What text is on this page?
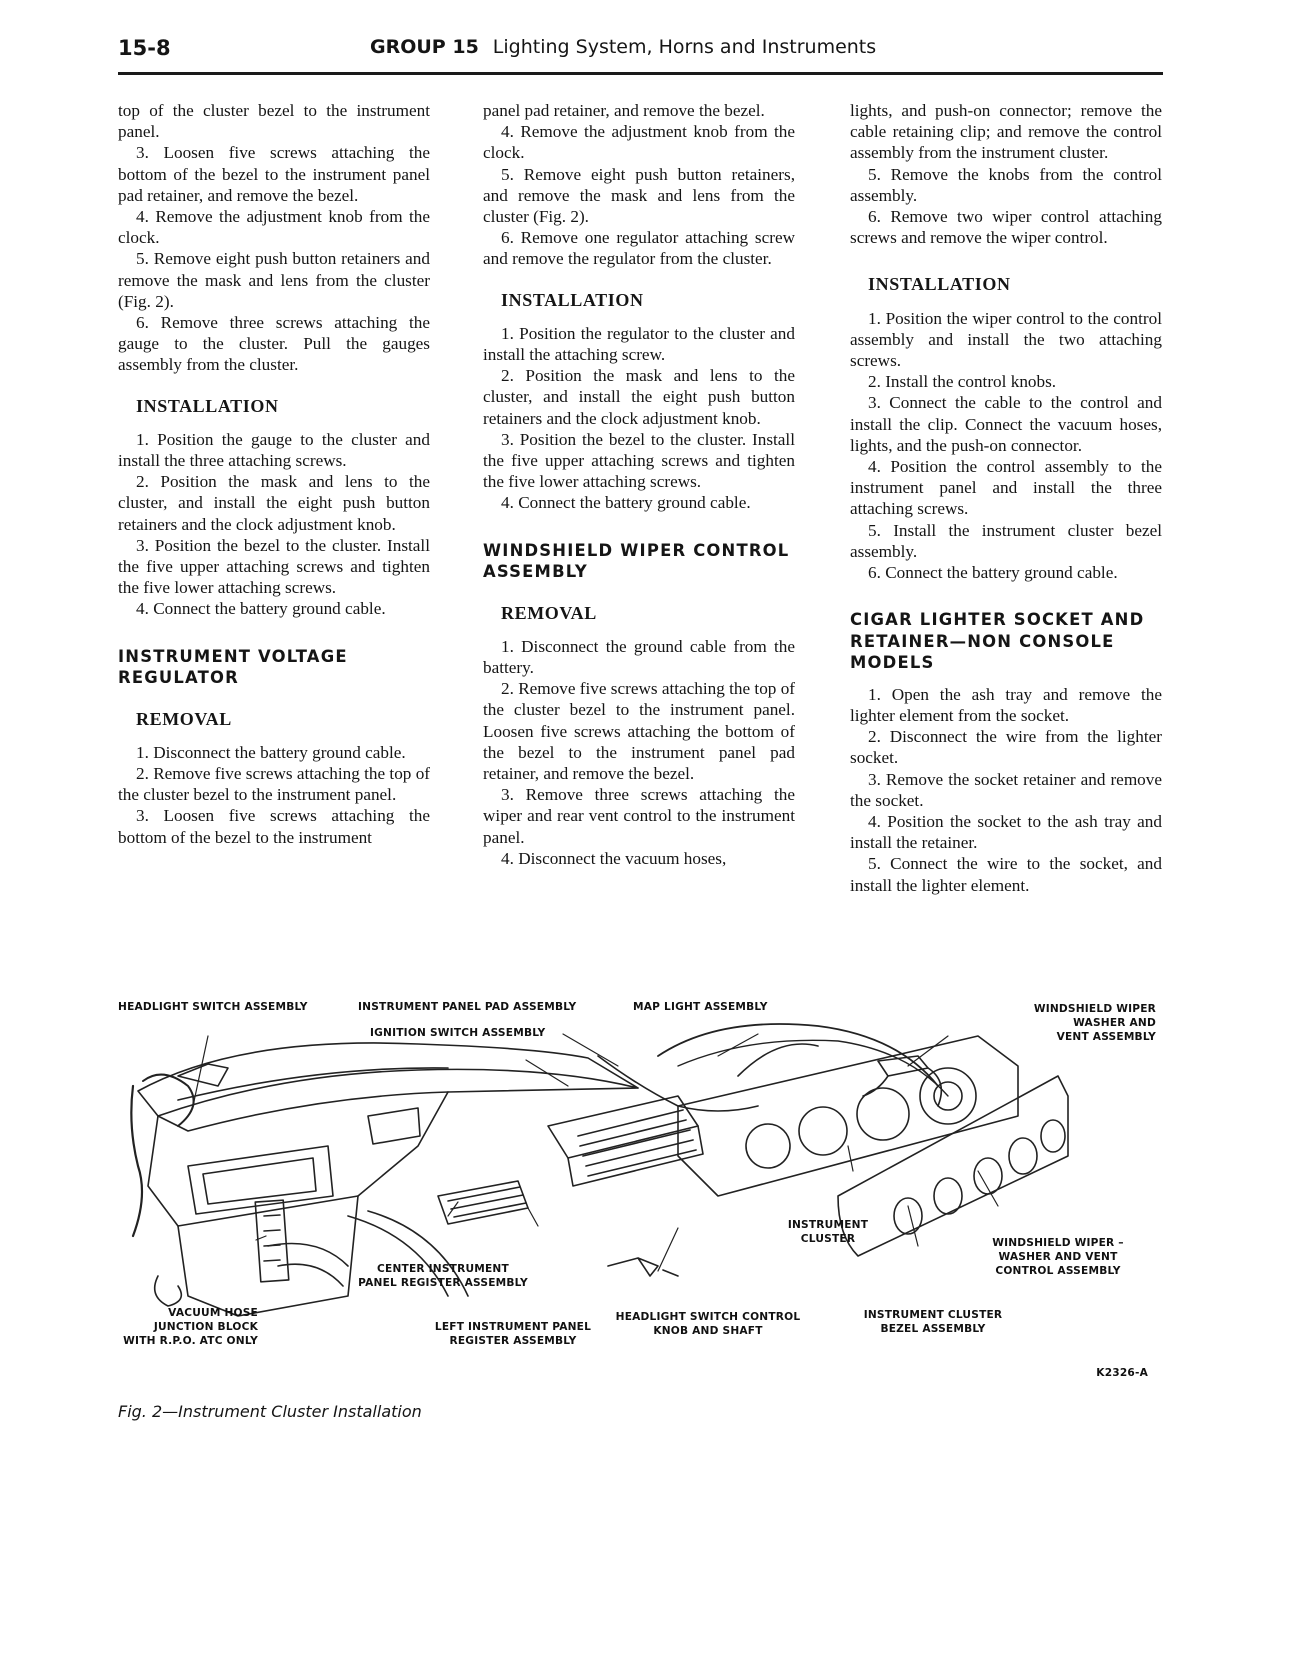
15-8	GROUP 15 Lighting System, Horns and Instruments

top of the cluster bezel to the instrument panel.

3. Loosen five screws attaching the bottom of the bezel to the instrument panel pad retainer, and remove the bezel.

4. Remove the adjustment knob from the clock.

5. Remove eight push button retainers and remove the mask and lens from the cluster (Fig. 2).

6. Remove three screws attaching the gauge to the cluster. Pull the gauges assembly from the cluster.

INSTALLATION

1. Position the gauge to the cluster and install the three attaching screws.

2. Position the mask and lens to the cluster, and install the eight push button retainers and the clock adjustment knob.

3. Position the bezel to the cluster. Install the five upper attaching screws and tighten the five lower attaching screws.

4. Connect the battery ground cable.

INSTRUMENT VOLTAGE REGULATOR
REMOVAL

1. Disconnect the battery ground cable.

2. Remove five screws attaching the top of the cluster bezel to the instrument panel.

3. Loosen five screws attaching the bottom of the bezel to the instrument

panel pad retainer, and remove the bezel.

4. Remove the adjustment knob from the clock.

5. Remove eight push button retainers, and remove the mask and lens from the cluster (Fig. 2).

6. Remove one regulator attaching screw and remove the regulator from the cluster.

INSTALLATION

1. Position the regulator to the cluster and install the attaching screw.

2. Position the mask and lens to the cluster, and install the eight push button retainers and the clock adjustment knob.

3. Position the bezel to the cluster. Install the five upper attaching screws and tighten the five lower attaching screws.

4. Connect the battery ground cable.

WINDSHIELD WIPER CONTROL ASSEMBLY
REMOVAL

1. Disconnect the ground cable from the battery.

2. Remove five screws attaching the top of the cluster bezel to the instrument panel. Loosen five screws attaching the bottom of the bezel to the instrument panel pad retainer, and remove the bezel.

3. Remove three screws attaching the wiper and rear vent control to the instrument panel.

4. Disconnect the vacuum hoses,

lights, and push-on connector; remove the cable retaining clip; and remove the control assembly from the instrument cluster.

5. Remove the knobs from the control assembly.

6. Remove two wiper control attaching screws and remove the wiper control.

INSTALLATION

1. Position the wiper control to the control assembly and install the two attaching screws.

2. Install the control knobs.

3. Connect the cable to the control and install the clip. Connect the vacuum hoses, lights, and the push-on connector.

4. Position the control assembly to the instrument panel and install the three attaching screws.

5. Install the instrument cluster bezel assembly.

6. Connect the battery ground cable.

CIGAR LIGHTER SOCKET AND RETAINER—NON CONSOLE MODELS

1. Open the ash tray and remove the lighter element from the socket.

2. Disconnect the wire from the lighter socket.

3. Remove the socket retainer and remove the socket.

4. Position the socket to the ash tray and install the retainer.

5. Connect the wire to the socket, and install the lighter element.

HEADLIGHT SWITCH ASSEMBLY	INSTRUMENT PANEL PAD ASSEMBLY	MAP LIGHT ASSEMBLY
IGNITION SWITCH ASSEMBLY
WINDSHIELD WIPER
WASHER AND
VENT ASSEMBLY
INSTRUMENT
CLUSTER	WINDSHIELD WIPER –
WASHER AND VENT
CONTROL ASSEMBLY
CENTER INSTRUMENT
PANEL REGISTER ASSEMBLY
VACUUM HOSE
JUNCTION BLOCK
WITH R.P.O. ATC ONLY
LEFT INSTRUMENT PANEL
REGISTER ASSEMBLY
HEADLIGHT SWITCH CONTROL
KNOB AND SHAFT
INSTRUMENT CLUSTER
BEZEL ASSEMBLY
K2326-A
Fig. 2—Instrument Cluster Installation
